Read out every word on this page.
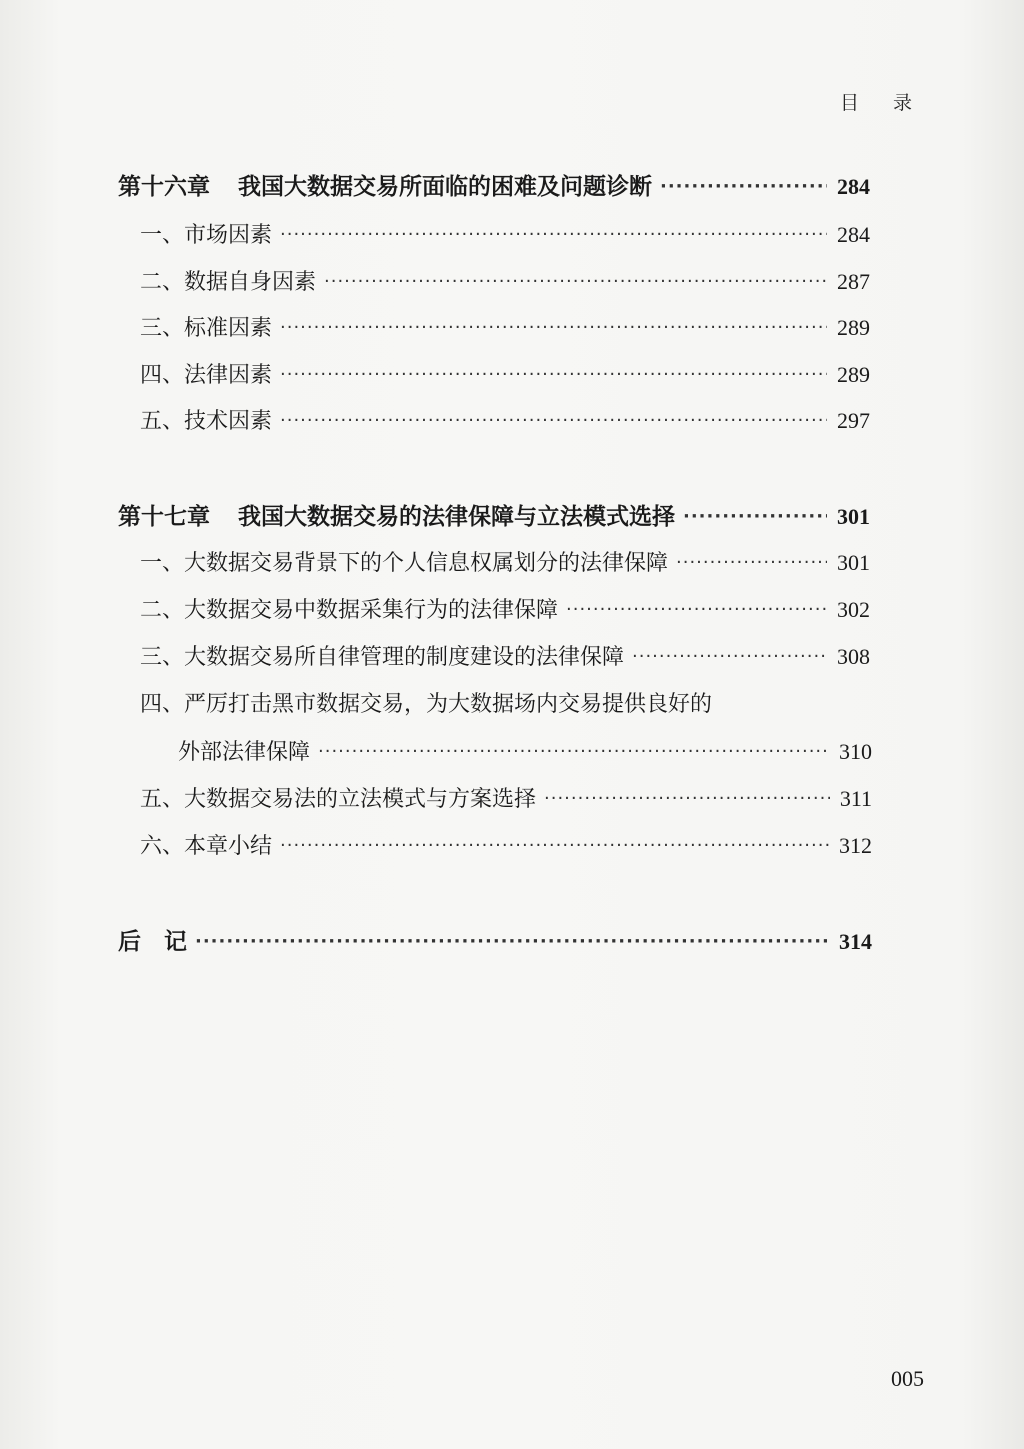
目 录
第十六章 我国大数据交易所面临的困难及问题诊断 ·····	284
一、市场因素 ·····	284
二、数据自身因素 ·····	287
三、标准因素 ·····	289
四、法律因素 ·····	289
五、技术因素 ·····	297
第十七章 我国大数据交易的法律保障与立法模式选择 ·····	301
一、大数据交易背景下的个人信息权属划分的法律保障 ·····	301
二、大数据交易中数据采集行为的法律保障 ·····	302
三、大数据交易所自律管理的制度建设的法律保障 ·····	308
四、严厉打击黑市数据交易，为大数据场内交易提供良好的
外部法律保障 ·····	310
五、大数据交易法的立法模式与方案选择 ·····	311
六、本章小结 ·····	312
后　记 ·····	314
005
